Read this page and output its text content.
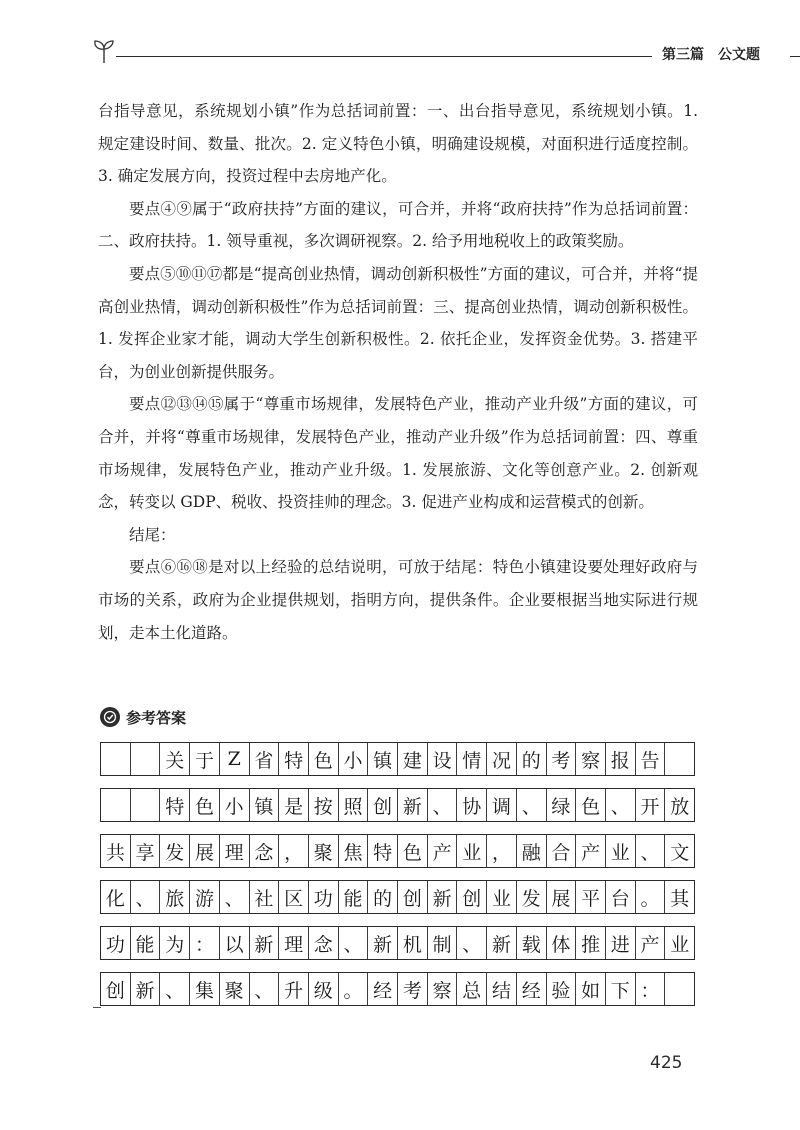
第三篇　公文题

台指导意见，系统规划小镇”作为总括词前置：一、出台指导意见，系统规划小镇。1. 规定建设时间、数量、批次。2. 定义特色小镇，明确建设规模，对面积进行适度控制。3. 确定发展方向，投资过程中去房地产化。

要点④⑨属于“政府扶持”方面的建议，可合并，并将“政府扶持”作为总括词前置：二、政府扶持。1. 领导重视，多次调研视察。2. 给予用地税收上的政策奖励。

要点⑤⑩⑪⑰都是“提高创业热情，调动创新积极性”方面的建议，可合并，并将“提高创业热情，调动创新积极性”作为总括词前置：三、提高创业热情，调动创新积极性。1. 发挥企业家才能，调动大学生创新积极性。2. 依托企业，发挥资金优势。3. 搭建平台，为创业创新提供服务。

要点⑫⑬⑭⑮属于“尊重市场规律，发展特色产业，推动产业升级”方面的建议，可合并，并将“尊重市场规律，发展特色产业，推动产业升级”作为总括词前置：四、尊重市场规律，发展特色产业，推动产业升级。1. 发展旅游、文化等创意产业。2. 创新观念，转变以 GDP、税收、投资挂帅的理念。3. 促进产业构成和运营模式的创新。

结尾：

要点⑥⑯⑱是对以上经验的总结说明，可放于结尾：特色小镇建设要处理好政府与市场的关系，政府为企业提供规划，指明方向，提供条件。企业要根据当地实际进行规划，走本土化道路。

参考答案
关 于 Z 省 特 色 小 镇 建 设 情 况 的 考 察 报 告
特 色 小 镇 是 按 照 创 新 、 协 调 、 绿 色 、 开 放
共 享 发 展 理 念 ， 聚 焦 特 色 产 业 ， 融 合 产 业 、 文
化 、 旅 游 、 社 区 功 能 的 创 新 创 业 发 展 平 台 。 其
功 能 为 ： 以 新 理 念 、 新 机 制 、 新 载 体 推 进 产 业
创 新 、 集 聚 、 升 级 。 经 考 察 总 结 经 验 如 下 ：
425
